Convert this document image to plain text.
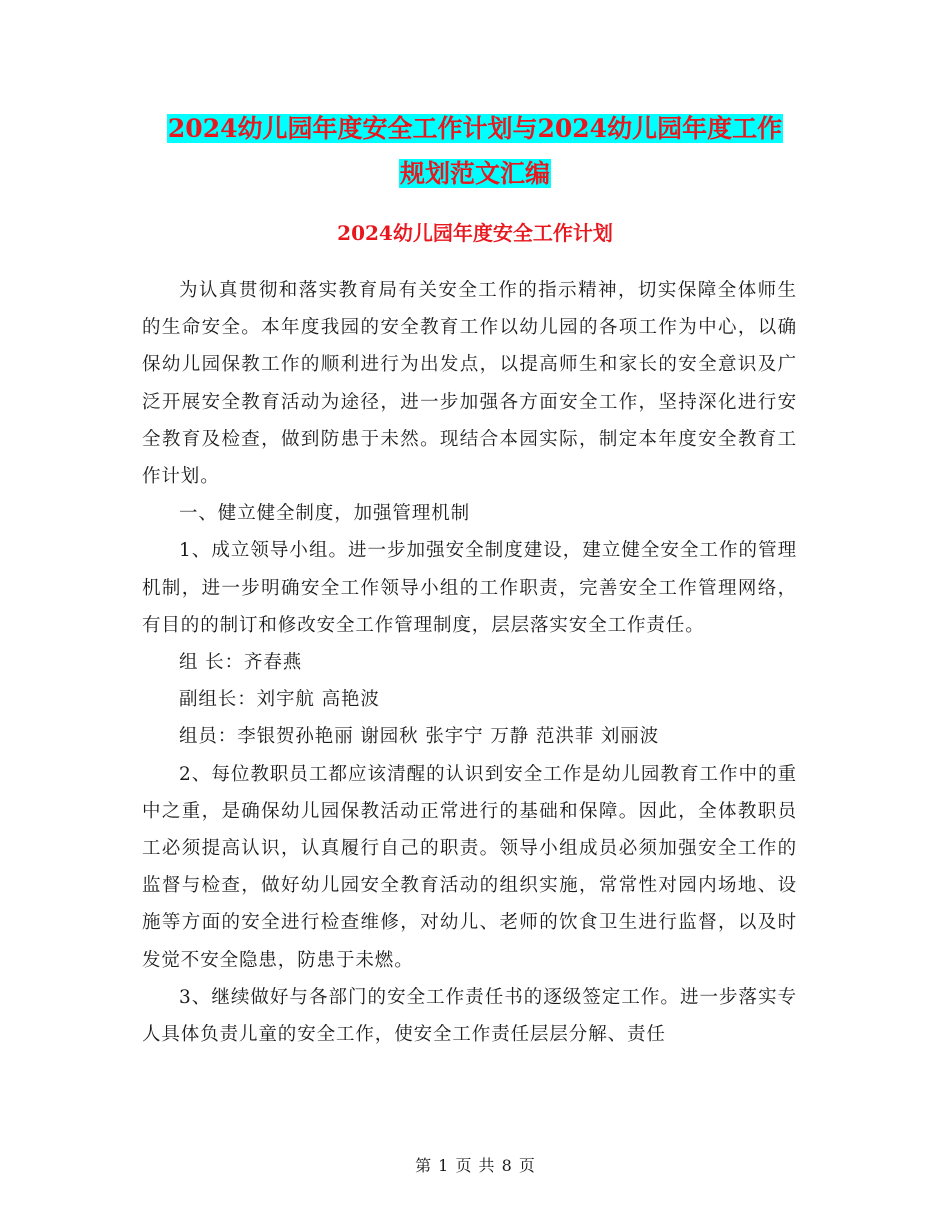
2024幼儿园年度安全工作计划与2024幼儿园年度工作
规划范文汇编
2024幼儿园年度安全工作计划

为认真贯彻和落实教育局有关安全工作的指示精神，切实保障全体师生的生命安全。本年度我园的安全教育工作以幼儿园的各项工作为中心，以确保幼儿园保教工作的顺利进行为出发点，以提高师生和家长的安全意识及广泛开展安全教育活动为途径，进一步加强各方面安全工作，坚持深化进行安全教育及检查，做到防患于未然。现结合本园实际，制定本年度安全教育工作计划。

一、健立健全制度，加强管理机制

1、成立领导小组。进一步加强安全制度建设，建立健全安全工作的管理机制，进一步明确安全工作领导小组的工作职责，完善安全工作管理网络，有目的的制订和修改安全工作管理制度，层层落实安全工作责任。

组 长：齐春燕

副组长：刘宇航 高艳波

组员：李银贺孙艳丽 谢园秋 张宇宁 万静 范洪菲 刘丽波

2、每位教职员工都应该清醒的认识到安全工作是幼儿园教育工作中的重中之重，是确保幼儿园保教活动正常进行的基础和保障。因此，全体教职员工必须提高认识，认真履行自己的职责。领导小组成员必须加强安全工作的监督与检查，做好幼儿园安全教育活动的组织实施，常常性对园内场地、设施等方面的安全进行检查维修，对幼儿、老师的饮食卫生进行监督，以及时发觉不安全隐患，防患于未燃。

3、继续做好与各部门的安全工作责任书的逐级签定工作。进一步落实专人具体负责儿童的安全工作，使安全工作责任层层分解、责任

第 1 页 共 8 页
